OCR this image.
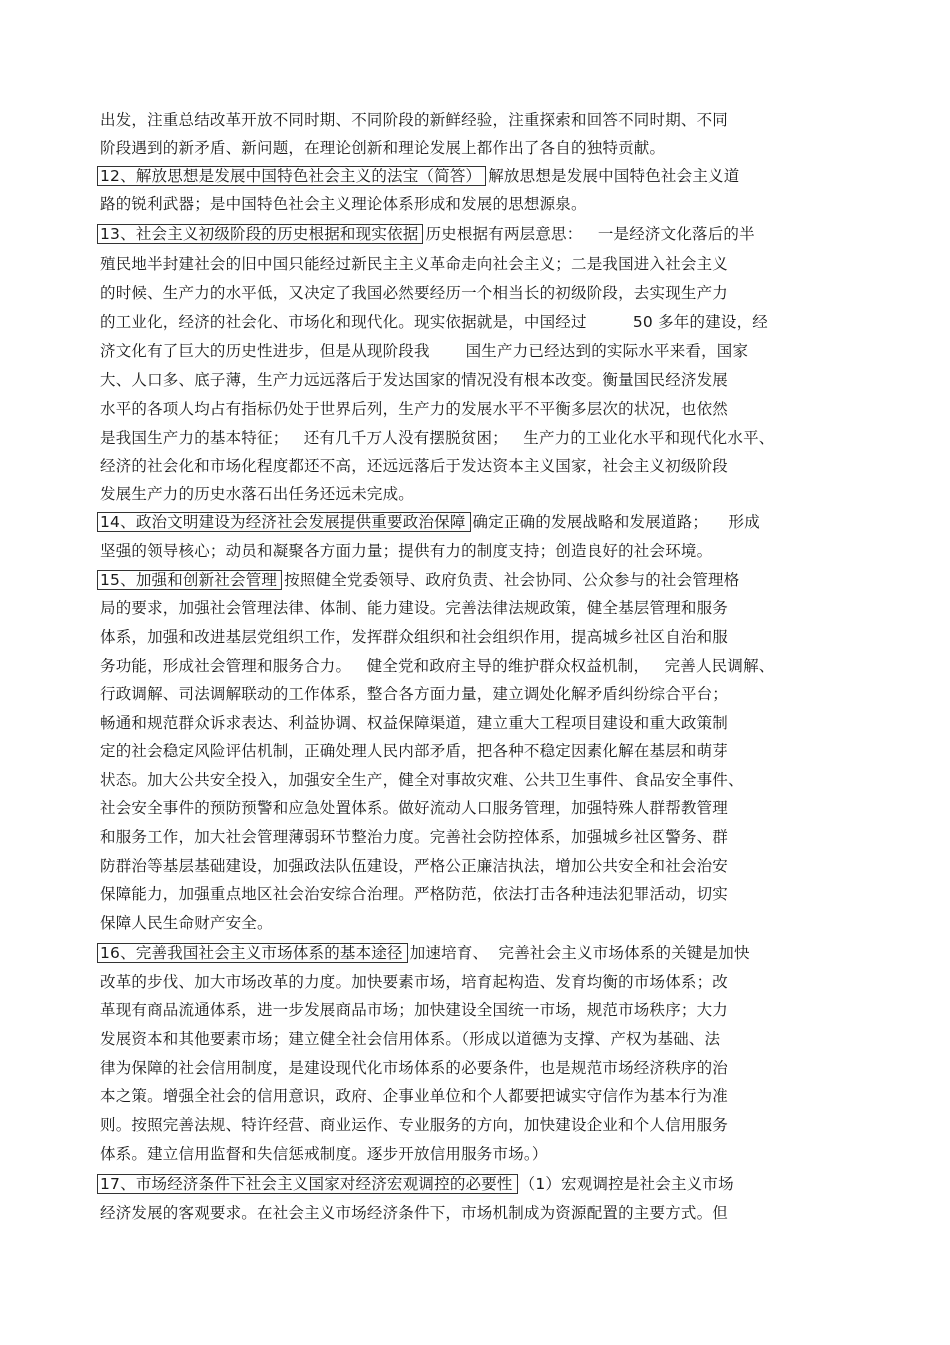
出发，注重总结改革开放不同时期、不同阶段的新鲜经验，注重探索和回答不同时期、不同
阶段遇到的新矛盾、新问题，在理论创新和理论发展上都作出了各自的独特贡献。
12、解放思想是发展中国特色社会主义的法宝（简答） 解放思想是发展中国特色社会主义道
路的锐利武器；是中国特色社会主义理论体系形成和发展的思想源泉。
13、社会主义初级阶段的历史根据和现实依据 历史根据有两层意思：   一是经济文化落后的半
殖民地半封建社会的旧中国只能经过新民主主义革命走向社会主义；二是我国进入社会主义
的时候、生产力的水平低，又决定了我国必然要经历一个相当长的初级阶段，去实现生产力
的工业化，经济的社会化、市场化和现代化。现实依据就是，中国经过         50 多年的建设，经
济文化有了巨大的历史性进步，但是从现阶段我       国生产力已经达到的实际水平来看，国家
大、人口多、底子薄，生产力远远落后于发达国家的情况没有根本改变。衡量国民经济发展
水平的各项人均占有指标仍处于世界后列，生产力的发展水平不平衡多层次的状况，也依然
是我国生产力的基本特征；   还有几千万人没有摆脱贫困；   生产力的工业化水平和现代化水平、
经济的社会化和市场化程度都还不高，还远远落后于发达资本主义国家，社会主义初级阶段
发展生产力的历史水落石出任务还远未完成。
14、政治文明建设为经济社会发展提供重要政治保障 确定正确的发展战略和发展道路；    形成
坚强的领导核心；动员和凝聚各方面力量；提供有力的制度支持；创造良好的社会环境。
15、加强和创新社会管理 按照健全党委领导、政府负责、社会协同、公众参与的社会管理格
局的要求，加强社会管理法律、体制、能力建设。完善法律法规政策，健全基层管理和服务
体系，加强和改进基层党组织工作，发挥群众组织和社会组织作用，提高城乡社区自治和服
务功能，形成社会管理和服务合力。   健全党和政府主导的维护群众权益机制，   完善人民调解、
行政调解、司法调解联动的工作体系，整合各方面力量，建立调处化解矛盾纠纷综合平台；
畅通和规范群众诉求表达、利益协调、权益保障渠道，建立重大工程项目建设和重大政策制
定的社会稳定风险评估机制，正确处理人民内部矛盾，把各种不稳定因素化解在基层和萌芽
状态。加大公共安全投入，加强安全生产，健全对事故灾难、公共卫生事件、食品安全事件、
社会安全事件的预防预警和应急处置体系。做好流动人口服务管理，加强特殊人群帮教管理
和服务工作，加大社会管理薄弱环节整治力度。完善社会防控体系，加强城乡社区警务、群
防群治等基层基础建设，加强政法队伍建设，严格公正廉洁执法，增加公共安全和社会治安
保障能力，加强重点地区社会治安综合治理。严格防范，依法打击各种违法犯罪活动，切实
保障人民生命财产安全。
16、完善我国社会主义市场体系的基本途径 加速培育、  完善社会主义市场体系的关键是加快
改革的步伐、加大市场改革的力度。加快要素市场，培育起构造、发育均衡的市场体系；改
革现有商品流通体系，进一步发展商品市场；加快建设全国统一市场，规范市场秩序；大力
发展资本和其他要素市场；建立健全社会信用体系。（形成以道德为支撑、产权为基础、法
律为保障的社会信用制度，是建设现代化市场体系的必要条件，也是规范市场经济秩序的治
本之策。增强全社会的信用意识，政府、企事业单位和个人都要把诚实守信作为基本行为准
则。按照完善法规、特许经营、商业运作、专业服务的方向，加快建设企业和个人信用服务
体系。建立信用监督和失信惩戒制度。逐步开放信用服务市场。）
17、市场经济条件下社会主义国家对经济宏观调控的必要性 （1）宏观调控是社会主义市场
经济发展的客观要求。在社会主义市场经济条件下，市场机制成为资源配置的主要方式。但
